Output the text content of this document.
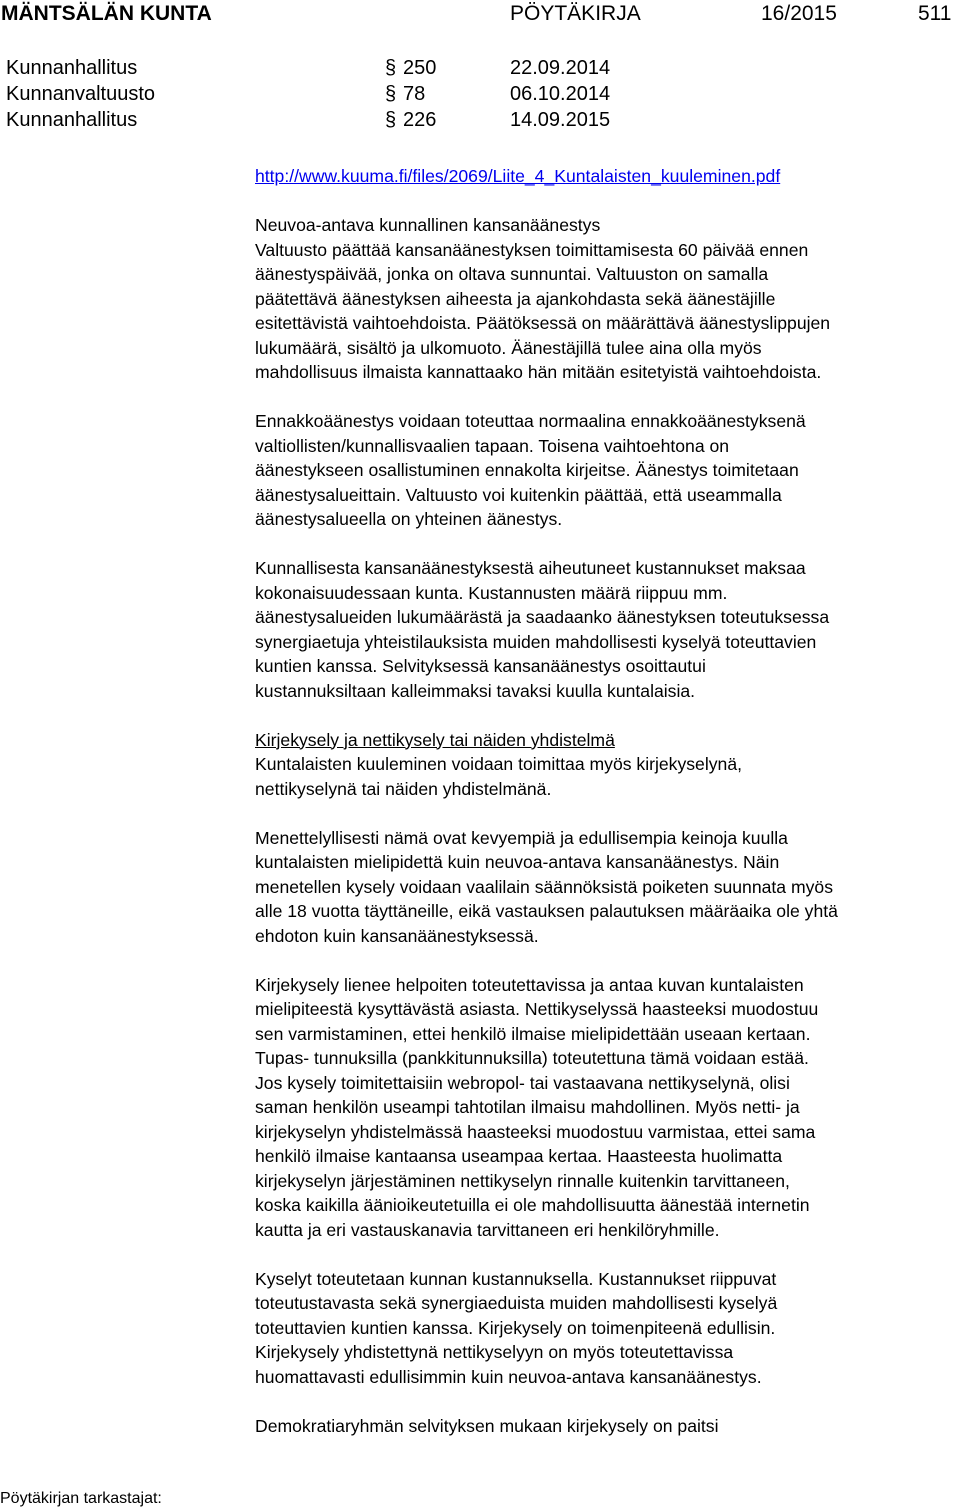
MÄNTSÄLÄN KUNTA	PÖYTÄKIRJA	16/2015	511
Kunnanhallitus §	250	22.09.2014
Kunnanvaltuusto §	78	06.10.2014
Kunnanhallitus §	226	14.09.2015

http://www.kuuma.fi/files/2069/Liite_4_Kuntalaisten_kuuleminen.pdf

Neuvoa-antava kunnallinen kansanäänestys
Valtuusto päättää kansanäänestyksen toimittamisesta 60 päivää ennen
äänestyspäivää, jonka on oltava sunnuntai. Valtuuston on samalla
päätettävä äänestyksen aiheesta ja ajankohdasta sekä äänestäjille
esitettävistä vaihtoehdoista. Päätöksessä on määrättävä äänestyslippujen
lukumäärä, sisältö ja ulkomuoto. Äänestäjillä tulee aina olla myös
mahdollisuus ilmaista kannattaako hän mitään esitetyistä vaihtoehdoista.

Ennakkoäänestys voidaan toteuttaa normaalina ennakkoäänestyksenä
valtiollisten/kunnallisvaalien tapaan. Toisena vaihtoehtona on
äänestykseen osallistuminen ennakolta kirjeitse. Äänestys toimitetaan
äänestysalueittain. Valtuusto voi kuitenkin päättää, että useammalla
äänestysalueella on yhteinen äänestys.

Kunnallisesta kansanäänestyksestä aiheutuneet kustannukset maksaa
kokonaisuudessaan kunta. Kustannusten määrä riippuu mm.
äänestysalueiden lukumäärästä ja saadaanko äänestyksen toteutuksessa
synergiaetuja yhteistilauksista muiden mahdollisesti kyselyä toteuttavien
kuntien kanssa. Selvityksessä kansanäänestys osoittautui
kustannuksiltaan kalleimmaksi tavaksi kuulla kuntalaisia.

Kirjekysely ja nettikysely tai näiden yhdistelmä
Kuntalaisten kuuleminen voidaan toimittaa myös kirjekyselynä,
nettikyselynä tai näiden yhdistelmänä.

Menettelyllisesti nämä ovat kevyempiä ja edullisempia keinoja kuulla
kuntalaisten mielipidettä kuin neuvoa-antava kansanäänestys. Näin
menetellen kysely voidaan vaalilain säännöksistä poiketen suunnata myös
alle 18 vuotta täyttäneille, eikä vastauksen palautuksen määräaika ole yhtä
ehdoton kuin kansanäänestyksessä.

Kirjekysely lienee helpoiten toteutettavissa ja antaa kuvan kuntalaisten
mielipiteestä kysyttävästä asiasta. Nettikyselyssä haasteeksi muodostuu
sen varmistaminen, ettei henkilö ilmaise mielipidettään useaan kertaan.
Tupas- tunnuksilla (pankkitunnuksilla) toteutettuna tämä voidaan estää.
Jos kysely toimitettaisiin webropol- tai vastaavana nettikyselynä, olisi
saman henkilön useampi tahtotilan ilmaisu mahdollinen. Myös netti- ja
kirjekyselyn yhdistelmässä haasteeksi muodostuu varmistaa, ettei sama
henkilö ilmaise kantaansa useampaa kertaa. Haasteesta huolimatta
kirjekyselyn järjestäminen nettikyselyn rinnalle kuitenkin tarvittaneen,
koska kaikilla äänioikeutetuilla ei ole mahdollisuutta äänestää internetin
kautta ja eri vastauskanavia tarvittaneen eri henkilöryhmille.

Kyselyt toteutetaan kunnan kustannuksella. Kustannukset riippuvat
toteutustavasta sekä synergiaeduista muiden mahdollisesti kyselyä
toteuttavien kuntien kanssa. Kirjekysely on toimenpiteenä edullisin.
Kirjekysely yhdistettynä nettikyselyyn on myös toteutettavissa
huomattavasti edullisimmin kuin neuvoa-antava kansanäänestys.

Demokratiaryhmän selvityksen mukaan kirjekysely on paitsi

Pöytäkirjan tarkastajat:
